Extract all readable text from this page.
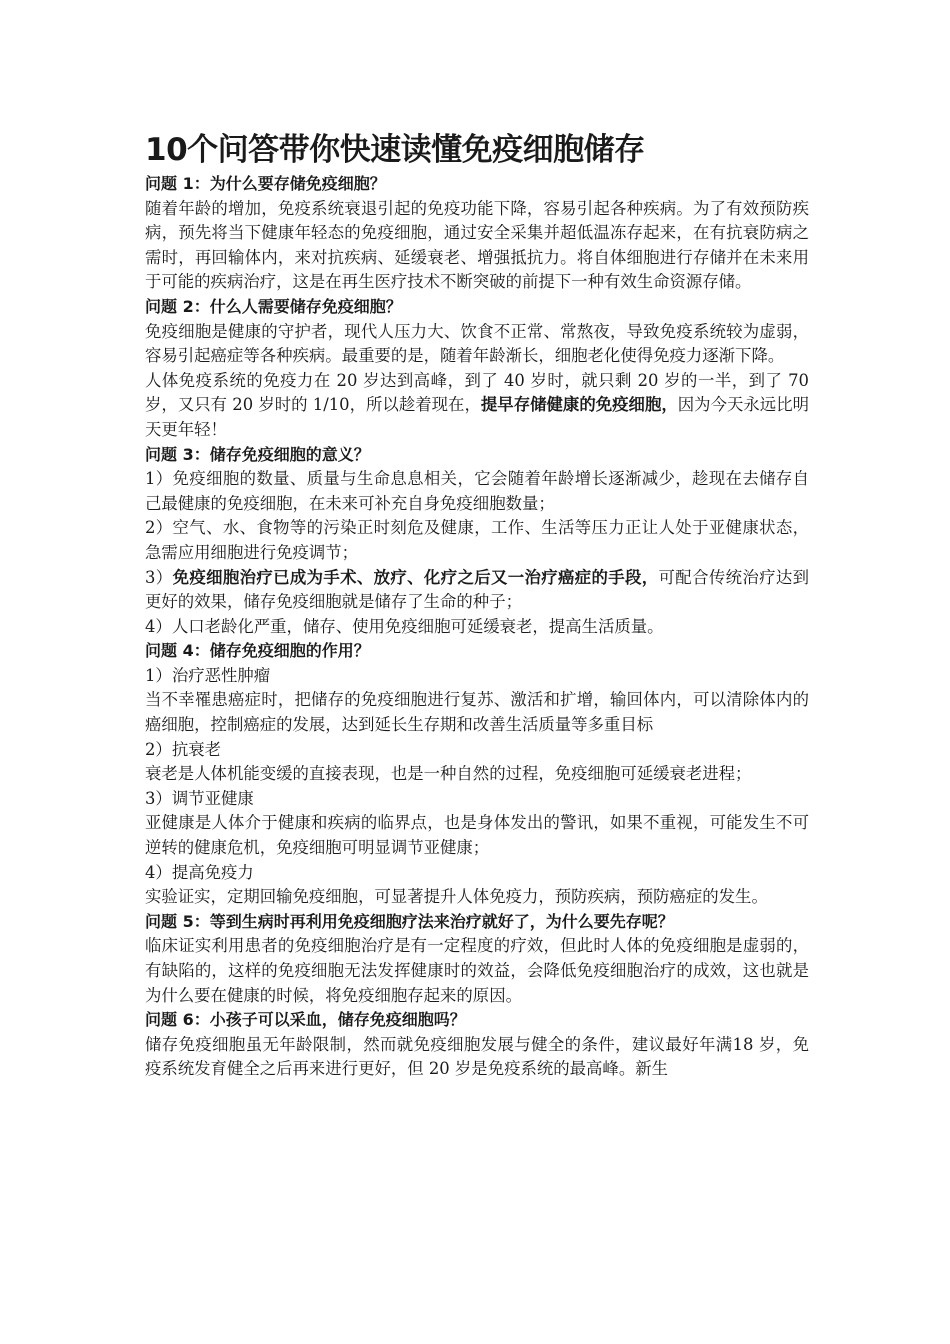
10个问答带你快速读懂免疫细胞储存

问题 1：为什么要存储免疫细胞？

随着年龄的增加，免疫系统衰退引起的免疫功能下降，容易引起各种疾病。为了有效预防疾病，预先将当下健康年轻态的免疫细胞，通过安全采集并超低温冻存起来，在有抗衰防病之需时，再回输体内，来对抗疾病、延缓衰老、增强抵抗力。将自体细胞进行存储并在未来用于可能的疾病治疗，这是在再生医疗技术不断突破的前提下一种有效生命资源存储。

问题 2：什么人需要储存免疫细胞？

免疫细胞是健康的守护者，现代人压力大、饮食不正常、常熬夜，导致免疫系统较为虚弱，容易引起癌症等各种疾病。最重要的是，随着年龄渐长，细胞老化使得免疫力逐渐下降。

人体免疫系统的免疫力在 20 岁达到高峰，到了 40 岁时，就只剩 20 岁的一半，到了 70 岁，又只有 20 岁时的 1/10，所以趁着现在，提早存储健康的免疫细胞，因为今天永远比明天更年轻！

问题 3：储存免疫细胞的意义？

1）免疫细胞的数量、质量与生命息息相关，它会随着年龄增长逐渐减少，趁现在去储存自己最健康的免疫细胞，在未来可补充自身免疫细胞数量；

2）空气、水、食物等的污染正时刻危及健康，工作、生活等压力正让人处于亚健康状态，急需应用细胞进行免疫调节；

3）免疫细胞治疗已成为手术、放疗、化疗之后又一治疗癌症的手段，可配合传统治疗达到更好的效果，储存免疫细胞就是储存了生命的种子；

4）人口老龄化严重，储存、使用免疫细胞可延缓衰老，提高生活质量。

问题 4：储存免疫细胞的作用？

1）治疗恶性肿瘤

当不幸罹患癌症时，把储存的免疫细胞进行复苏、激活和扩增，输回体内，可以清除体内的癌细胞，控制癌症的发展，达到延长生存期和改善生活质量等多重目标

2）抗衰老

衰老是人体机能变缓的直接表现，也是一种自然的过程，免疫细胞可延缓衰老进程；

3）调节亚健康

亚健康是人体介于健康和疾病的临界点，也是身体发出的警讯，如果不重视，可能发生不可逆转的健康危机，免疫细胞可明显调节亚健康；

4）提高免疫力

实验证实，定期回输免疫细胞，可显著提升人体免疫力，预防疾病，预防癌症的发生。

问题 5：等到生病时再利用免疫细胞疗法来治疗就好了，为什么要先存呢？

临床证实利用患者的免疫细胞治疗是有一定程度的疗效，但此时人体的免疫细胞是虚弱的，有缺陷的，这样的免疫细胞无法发挥健康时的效益，会降低免疫细胞治疗的成效，这也就是为什么要在健康的时候，将免疫细胞存起来的原因。

问题 6：小孩子可以采血，储存免疫细胞吗？

储存免疫细胞虽无年龄限制，然而就免疫细胞发展与健全的条件，建议最好年满18 岁，免疫系统发育健全之后再来进行更好，但 20 岁是免疫系统的最高峰。新生
